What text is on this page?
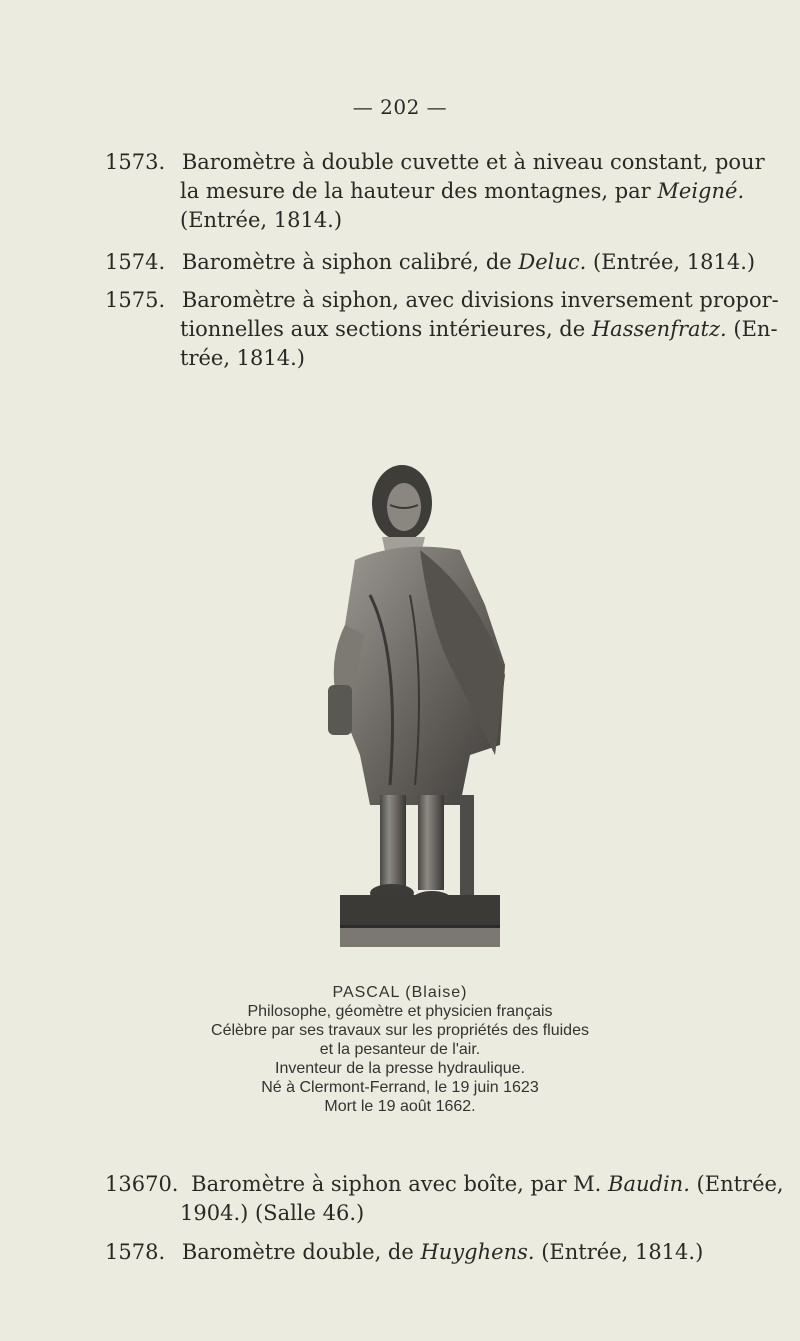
— 202 —
1573. Baromètre à double cuvette et à niveau constant, pour
la mesure de la hauteur des montagnes, par Meigné.
(Entrée, 1814.)
1574. Baromètre à siphon calibré, de Deluc. (Entrée, 1814.)
1575. Baromètre à siphon, avec divisions inversement propor-
tionnelles aux sections intérieures, de Hassenfratz. (En-
trée, 1814.)
PASCAL (Blaise)
Philosophe, géomètre et physicien français
Célèbre par ses travaux sur les propriétés des fluides
et la pesanteur de l'air.
Inventeur de la presse hydraulique.
Né à Clermont-Ferrand, le 19 juin 1623
Mort le 19 août 1662.
13670. Baromètre à siphon avec boîte, par M. Baudin. (Entrée,
1904.) (Salle 46.)
1578. Baromètre double, de Huyghens. (Entrée, 1814.)
